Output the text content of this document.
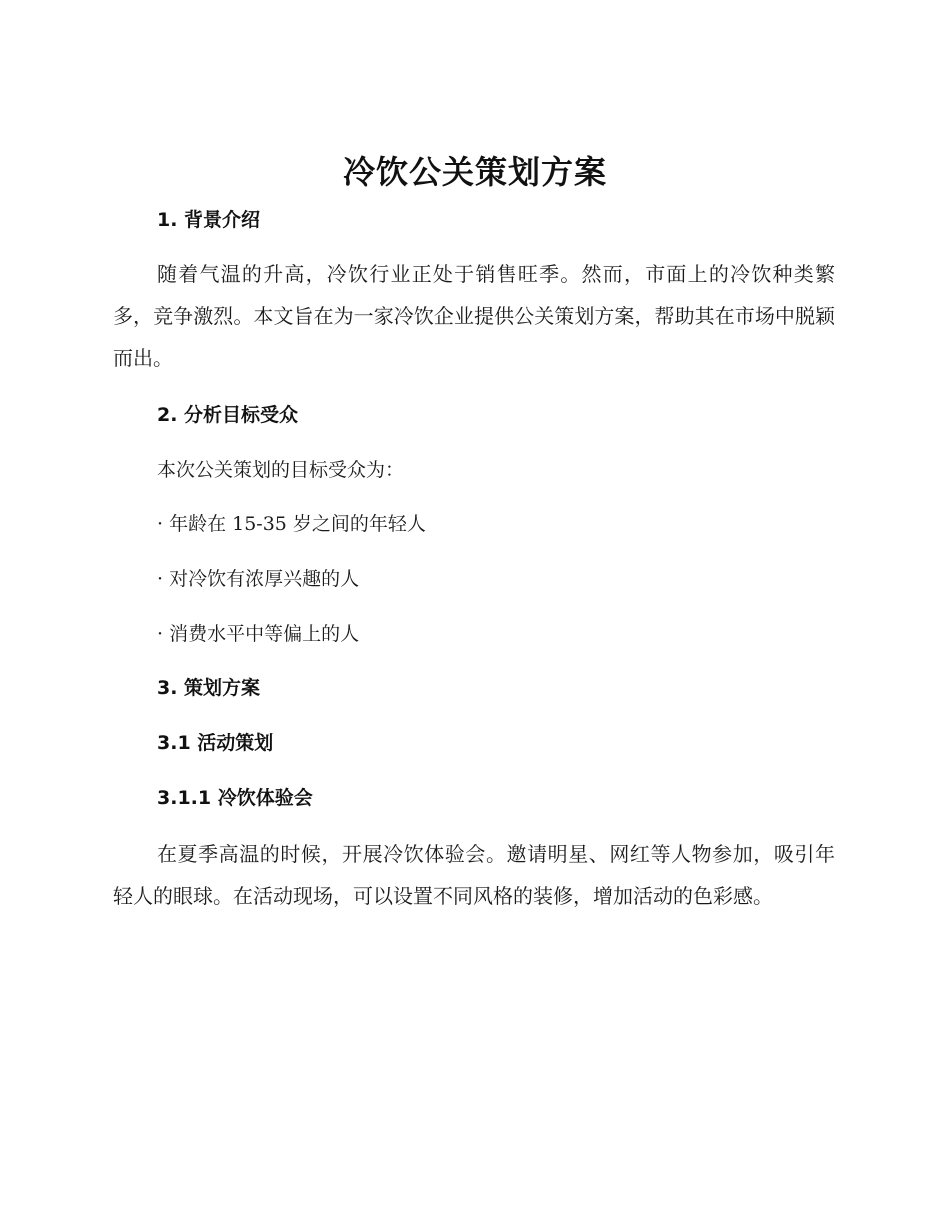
冷饮公关策划方案
1. 背景介绍
随着气温的升高，冷饮行业正处于销售旺季。然而，市面上的冷饮种类繁多，竞争激烈。本文旨在为一家冷饮企业提供公关策划方案，帮助其在市场中脱颖而出。
2. 分析目标受众
本次公关策划的目标受众为：
· 年龄在 15-35 岁之间的年轻人
· 对冷饮有浓厚兴趣的人
· 消费水平中等偏上的人
3. 策划方案
3.1 活动策划
3.1.1 冷饮体验会
在夏季高温的时候，开展冷饮体验会。邀请明星、网红等人物参加，吸引年轻人的眼球。在活动现场，可以设置不同风格的装修，增加活动的色彩感。
